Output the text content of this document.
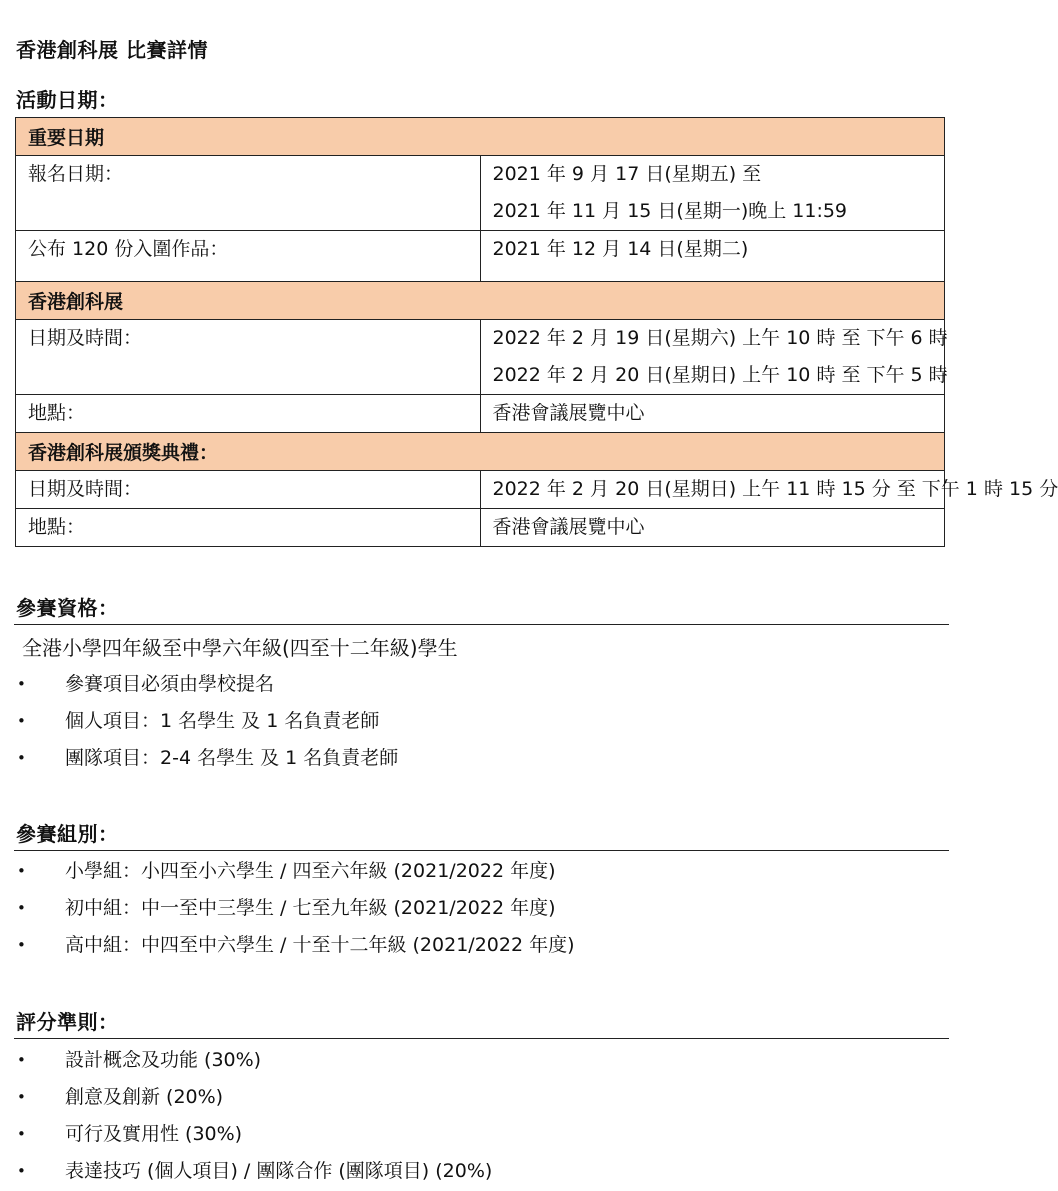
香港創科展 比賽詳情
活動日期：
重要日期	

報名日期：	2021 年 9 月 17 日(星期五) 至
2021 年 11 月 15 日(星期一)晚上 11:59

公布 120 份入圍作品：	2021 年 12 月 14 日(星期二)

香港創科展	

日期及時間：	2022 年 2 月 19 日(星期六) 上午 10 時 至 下午 6 時
2022 年 2 月 20 日(星期日) 上午 10 時 至 下午 5 時

地點：	香港會議展覽中心

香港創科展頒獎典禮：	

日期及時間：	2022 年 2 月 20 日(星期日) 上午 11 時 15 分 至 下午 1 時 15 分

地點：	香港會議展覽中心
參賽資格：
全港小學四年級至中學六年級(四至十二年級)學生
• 參賽項目必須由學校提名
• 個人項目：1 名學生 及 1 名負責老師
• 團隊項目：2-4 名學生 及 1 名負責老師
參賽組別：
• 小學組：小四至小六學生 / 四至六年級 (2021/2022 年度)
• 初中組：中一至中三學生 / 七至九年級 (2021/2022 年度)
• 高中組：中四至中六學生 / 十至十二年級 (2021/2022 年度)
評分準則：
• 設計概念及功能 (30%)
• 創意及創新 (20%)
• 可行及實用性 (30%)
• 表達技巧 (個人項目) / 團隊合作 (團隊項目) (20%)
